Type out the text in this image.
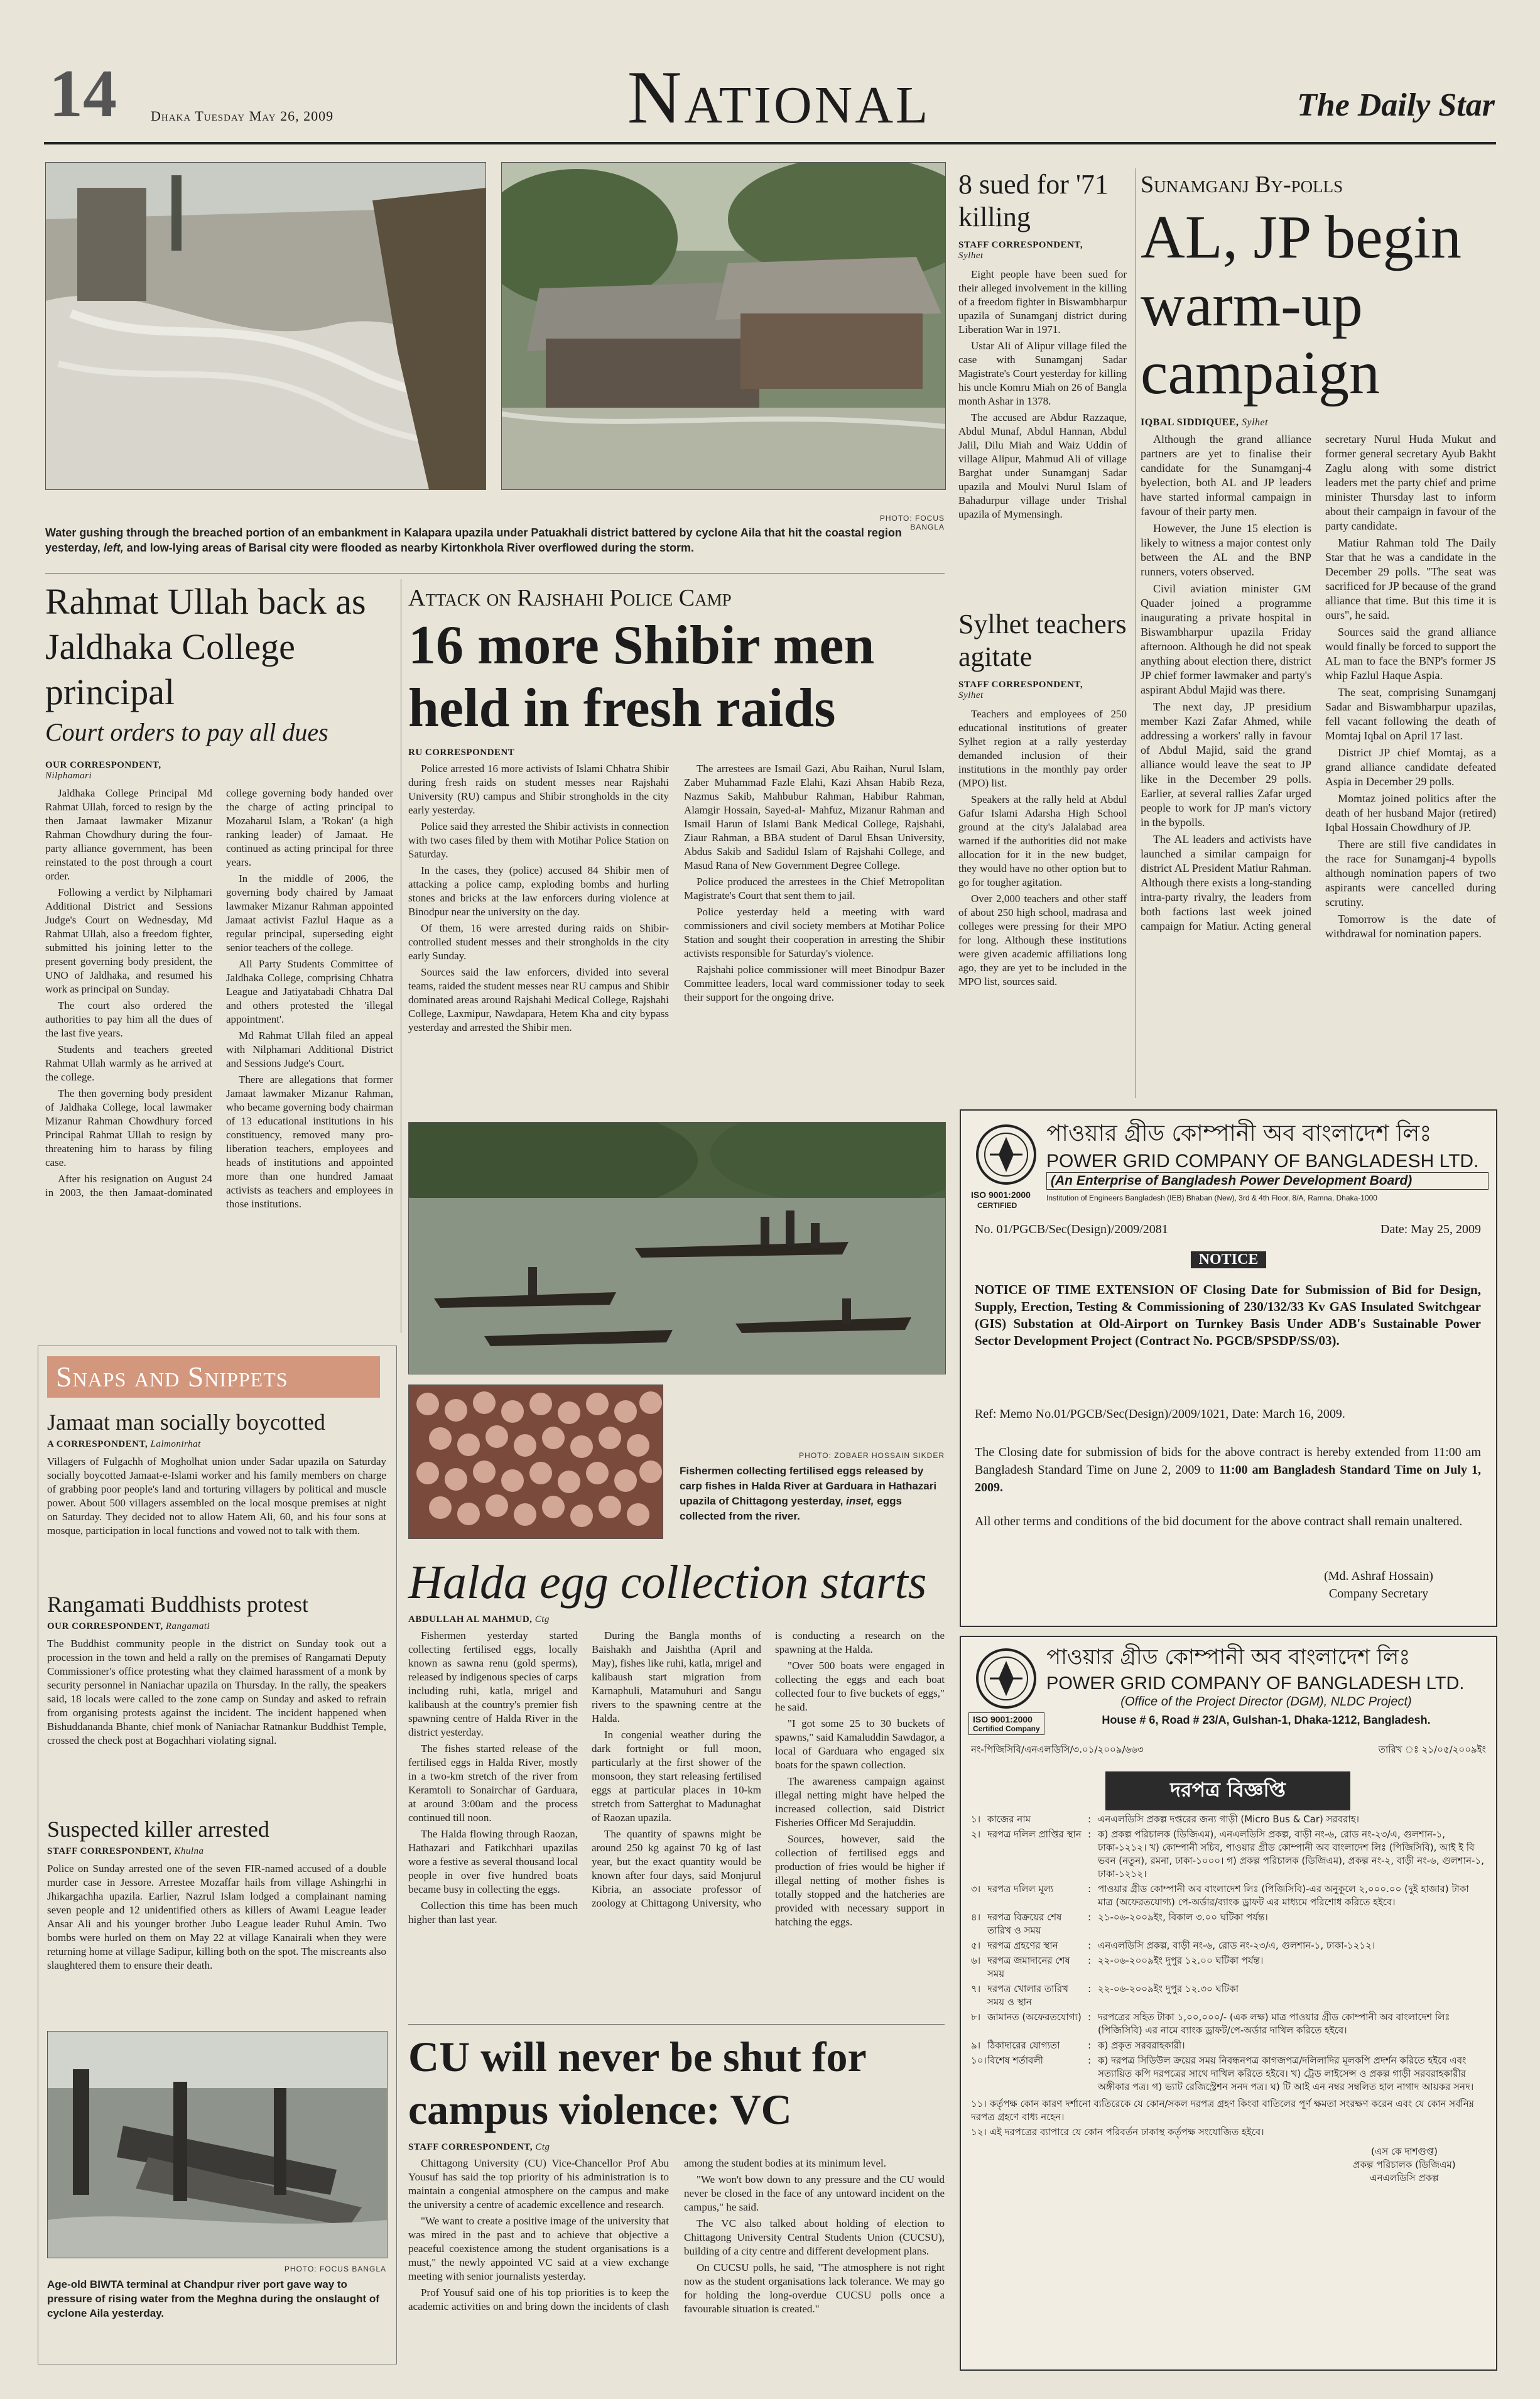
14 Dhaka Tuesday May 26, 2009	National	The Daily Star
PHOTO: FOCUS BANGLA
Water gushing through the breached portion of an embankment in Kalapara upazila under Patuakhali district battered by cyclone Aila that hit the coastal region yesterday, left, and low-lying areas of Barisal city were flooded as nearby Kirtonkhola River overflowed during the storm.
8 sued for '71 killing
STAFF CORRESPONDENT,
Sylhet

Eight people have been sued for their alleged involvement in the killing of a freedom fighter in Biswambharpur upazila of Sunamganj district during Liberation War in 1971.

Ustar Ali of Alipur village filed the case with Sunamganj Sadar Magistrate's Court yesterday for killing his uncle Komru Miah on 26 of Bangla month Ashar in 1378.

The accused are Abdur Razzaque, Abdul Munaf, Abdul Hannan, Abdul Jalil, Dilu Miah and Waiz Uddin of village Alipur, Mahmud Ali of village Barghat under Sunamganj Sadar upazila and Moulvi Nurul Islam of Bahadurpur village under Trishal upazila of Mymensingh.

Sylhet teachers agitate
STAFF CORRESPONDENT,
Sylhet

Teachers and employees of 250 educational institutions of greater Sylhet region at a rally yesterday demanded inclusion of their institutions in the monthly pay order (MPO) list.

Speakers at the rally held at Abdul Gafur Islami Adarsha High School ground at the city's Jalalabad area warned if the authorities did not make allocation for it in the new budget, they would have no other option but to go for tougher agitation.

Over 2,000 teachers and other staff of about 250 high school, madrasa and colleges were pressing for their MPO for long. Although these institutions were given academic affiliations long ago, they are yet to be included in the MPO list, sources said.

Sunamganj By-polls
AL, JP begin warm-up campaign
IQBAL SIDDIQUEE, Sylhet

Although the grand alliance partners are yet to finalise their candidate for the Sunamganj-4 byelection, both AL and JP leaders have started informal campaign in favour of their party men.

However, the June 15 election is likely to witness a major contest only between the AL and the BNP runners, voters observed.

Civil aviation minister GM Quader joined a programme inaugurating a private hospital in Biswambharpur upazila Friday afternoon. Although he did not speak anything about election there, district JP chief former lawmaker and party's aspirant Abdul Majid was there.

The next day, JP presidium member Kazi Zafar Ahmed, while addressing a workers' rally in favour of Abdul Majid, said the grand alliance would leave the seat to JP like in the December 29 polls. Earlier, at several rallies Zafar urged people to work for JP man's victory in the bypolls.

The AL leaders and activists have launched a similar campaign for district AL President Matiur Rahman. Although there exists a long-standing intra-party rivalry, the leaders from both factions last week joined campaign for Matiur. Acting general secretary Nurul Huda Mukut and former general secretary Ayub Bakht Zaglu along with some district leaders met the party chief and prime minister Thursday last to inform about their campaign in favour of the party candidate.

Matiur Rahman told The Daily Star that he was a candidate in the December 29 polls. "The seat was sacrificed for JP because of the grand alliance that time. But this time it is ours", he said.

Sources said the grand alliance would finally be forced to support the AL man to face the BNP's former JS whip Fazlul Haque Aspia.

The seat, comprising Sunamganj Sadar and Biswambharpur upazilas, fell vacant following the death of Momtaj Iqbal on April 17 last.

District JP chief Momtaj, as a grand alliance candidate defeated Aspia in December 29 polls.

Momtaz joined politics after the death of her husband Major (retired) Iqbal Hossain Chowdhury of JP.

There are still five candidates in the race for Sunamganj-4 bypolls although nomination papers of two aspirants were cancelled during scrutiny.

Tomorrow is the date of withdrawal for nomination papers.

Rahmat Ullah back as Jaldhaka College principal
Court orders to pay all dues
OUR CORRESPONDENT,
Nilphamari

Jaldhaka College Principal Md Rahmat Ullah, forced to resign by the then Jamaat lawmaker Mizanur Rahman Chowdhury during the four-party alliance government, has been reinstated to the post through a court order.

Following a verdict by Nilphamari Additional District and Sessions Judge's Court on Wednesday, Md Rahmat Ullah, also a freedom fighter, submitted his joining letter to the present governing body president, the UNO of Jaldhaka, and resumed his work as principal on Sunday.

The court also ordered the authorities to pay him all the dues of the last five years.

Students and teachers greeted Rahmat Ullah warmly as he arrived at the college.

The then governing body president of Jaldhaka College, local lawmaker Mizanur Rahman Chowdhury forced Principal Rahmat Ullah to resign by threatening him to harass by filing case.

After his resignation on August 24 in 2003, the then Jamaat-dominated college governing body handed over the charge of acting principal to Mozaharul Islam, a 'Rokan' (a high ranking leader) of Jamaat. He continued as acting principal for three years.

In the middle of 2006, the governing body chaired by Jamaat lawmaker Mizanur Rahman appointed Jamaat activist Fazlul Haque as a regular principal, superseding eight senior teachers of the college.

All Party Students Committee of Jaldhaka College, comprising Chhatra League and Jatiyatabadi Chhatra Dal and others protested the 'illegal appointment'.

Md Rahmat Ullah filed an appeal with Nilphamari Additional District and Sessions Judge's Court.

There are allegations that former Jamaat lawmaker Mizanur Rahman, who became governing body chairman of 13 educational institutions in his constituency, removed many pro-liberation teachers, employees and heads of institutions and appointed more than one hundred Jamaat activists as teachers and employees in those institutions.

Attack on Rajshahi Police Camp
16 more Shibir men held in fresh raids
RU CORRESPONDENT

Police arrested 16 more activists of Islami Chhatra Shibir during fresh raids on student messes near Rajshahi University (RU) campus and Shibir strongholds in the city early yesterday.

Police said they arrested the Shibir activists in connection with two cases filed by them with Motihar Police Station on Saturday.

In the cases, they (police) accused 84 Shibir men of attacking a police camp, exploding bombs and hurling stones and bricks at the law enforcers during violence at Binodpur near the university on the day.

Of them, 16 were arrested during raids on Shibir-controlled student messes and their strongholds in the city early Sunday.

Sources said the law enforcers, divided into several teams, raided the student messes near RU campus and Shibir dominated areas around Rajshahi Medical College, Rajshahi College, Laxmipur, Nawdapara, Hetem Kha and city bypass yesterday and arrested the Shibir men.

The arrestees are Ismail Gazi, Abu Raihan, Nurul Islam, Zaber Muhammad Fazle Elahi, Kazi Ahsan Habib Reza, Nazmus Sakib, Mahbubur Rahman, Habibur Rahman, Alamgir Hossain, Sayed-al- Mahfuz, Mizanur Rahman and Ismail Harun of Islami Bank Medical College, Rajshahi, Ziaur Rahman, a BBA student of Darul Ehsan University, Abdus Sakib and Sadidul Islam of Rajshahi College, and Masud Rana of New Government Degree College.

Police produced the arrestees in the Chief Metropolitan Magistrate's Court that sent them to jail.

Police yesterday held a meeting with ward commissioners and civil society members at Motihar Police Station and sought their cooperation in arresting the Shibir activists responsible for Saturday's violence.

Rajshahi police commissioner will meet Binodpur Bazer Committee leaders, local ward commissioner today to seek their support for the ongoing drive.

PHOTO: ZOBAER HOSSAIN SIKDER
Fishermen collecting fertilised eggs released by carp fishes in Halda River at Garduara in Hathazari upazila of Chittagong yesterday, inset, eggs collected from the river.
Halda egg collection starts
ABDULLAH AL MAHMUD, Ctg

Fishermen yesterday started collecting fertilised eggs, locally known as sawna renu (gold sperms), released by indigenous species of carps including ruhi, katla, mrigel and kalibaush at the country's premier fish spawning centre of Halda River in the district yesterday.

The fishes started release of the fertilised eggs in Halda River, mostly in a two-km stretch of the river from Keramtoli to Sonairchar of Garduara, at around 3:00am and the process continued till noon.

The Halda flowing through Raozan, Hathazari and Fatikchhari upazilas wore a festive as several thousand local people in over five hundred boats became busy in collecting the eggs.

Collection this time has been much higher than last year.

During the Bangla months of Baishakh and Jaishtha (April and May), fishes like ruhi, katla, mrigel and kalibaush start migration from Karnaphuli, Matamuhuri and Sangu rivers to the spawning centre at the Halda.

In congenial weather during the dark fortnight or full moon, particularly at the first shower of the monsoon, they start releasing fertilised eggs at particular places in 10-km stretch from Satterghat to Madunaghat of Raozan upazila.

The quantity of spawns might be around 250 kg against 70 kg of last year, but the exact quantity would be known after four days, said Monjurul Kibria, an associate professor of zoology at Chittagong University, who is conducting a research on the spawning at the Halda.

"Over 500 boats were engaged in collecting the eggs and each boat collected four to five buckets of eggs," he said.

"I got some 25 to 30 buckets of spawns," said Kamaluddin Sawdagor, a local of Garduara who engaged six boats for the spawn collection.

The awareness campaign against illegal netting might have helped the increased collection, said District Fisheries Officer Md Serajuddin.

Sources, however, said the collection of fertilised eggs and production of fries would be higher if illegal netting of mother fishes is totally stopped and the hatcheries are provided with necessary support in hatching the eggs.

Snaps and Snippets
Jamaat man socially boycotted
A CORRESPONDENT, Lalmonirhat
Villagers of Fulgachh of Mogholhat union under Sadar upazila on Saturday socially boycotted Jamaat-e-Islami worker and his family members on charge of grabbing poor people's land and torturing villagers by political and muscle power. About 500 villagers assembled on the local mosque premises at night on Saturday. They decided not to allow Hatem Ali, 60, and his four sons at mosque, participation in local functions and vowed not to talk with them.
Rangamati Buddhists protest
OUR CORRESPONDENT, Rangamati
The Buddhist community people in the district on Sunday took out a procession in the town and held a rally on the premises of Rangamati Deputy Commissioner's office protesting what they claimed harassment of a monk by security personnel in Naniachar upazila on Thursday. In the rally, the speakers said, 18 locals were called to the zone camp on Sunday and asked to refrain from organising protests against the incident. The incident happened when Bishuddananda Bhante, chief monk of Naniachar Ratnankur Buddhist Temple, crossed the check post at Bogachhari violating signal.
Suspected killer arrested
STAFF CORRESPONDENT, Khulna
Police on Sunday arrested one of the seven FIR-named accused of a double murder case in Jessore. Arrestee Mozaffar hails from village Ashingrhi in Jhikargachha upazila. Earlier, Nazrul Islam lodged a complainant naming seven people and 12 unidentified others as killers of Awami League leader Ansar Ali and his younger brother Jubo League leader Ruhul Amin. Two bombs were hurled on them on May 22 at village Kanairali when they were returning home at village Sadipur, killing both on the spot. The miscreants also slaughtered them to ensure their death.
PHOTO: FOCUS BANGLA
Age-old BIWTA terminal at Chandpur river port gave way to pressure of rising water from the Meghna during the onslaught of cyclone Aila yesterday.
CU will never be shut for campus violence: VC
STAFF CORRESPONDENT, Ctg

Chittagong University (CU) Vice-Chancellor Prof Abu Yousuf has said the top priority of his administration is to maintain a congenial atmosphere on the campus and make the university a centre of academic excellence and research.

"We want to create a positive image of the university that was mired in the past and to achieve that objective a peaceful coexistence among the student organisations is a must," the newly appointed VC said at a view exchange meeting with senior journalists yesterday.

Prof Yousuf said one of his top priorities is to keep the academic activities on and bring down the incidents of clash among the student bodies at its minimum level.

"We won't bow down to any pressure and the CU would never be closed in the face of any untoward incident on the campus," he said.

The VC also talked about holding of election to Chittagong University Central Students Union (CUCSU), building of a city centre and different development plans.

On CUCSU polls, he said, "The atmosphere is not right now as the student organisations lack tolerance. We may go for holding the long-overdue CUCSU polls once a favourable situation is created."

পাওয়ার গ্রীড কোম্পানী অব বাংলাদেশ লিঃ
POWER GRID COMPANY OF BANGLADESH LTD.
(An Enterprise of Bangladesh Power Development Board)
ISO 9001:2000
CERTIFIED
Institution of Engineers Bangladesh (IEB) Bhaban (New), 3rd & 4th Floor, 8/A, Ramna, Dhaka-1000
No. 01/PGCB/Sec(Design)/2009/2081	Date: May 25, 2009
NOTICE
NOTICE OF TIME EXTENSION OF Closing Date for Submission of Bid for Design, Supply, Erection, Testing & Commissioning of 230/132/33 Kv GAS Insulated Switchgear (GIS) Substation at Old-Airport on Turnkey Basis Under ADB's Sustainable Power Sector Development Project (Contract No. PGCB/SPSDP/SS/03).
Ref: Memo No.01/PGCB/Sec(Design)/2009/1021, Date: March 16, 2009.
The Closing date for submission of bids for the above contract is hereby extended from 11:00 am Bangladesh Standard Time on June 2, 2009 to 11:00 am Bangladesh Standard Time on July 1, 2009.
All other terms and conditions of the bid document for the above contract shall remain unaltered.
(Md. Ashraf Hossain)
Company Secretary
পাওয়ার গ্রীড কোম্পানী অব বাংলাদেশ লিঃ
POWER GRID COMPANY OF BANGLADESH LTD.
(Office of the Project Director (DGM), NLDC Project)
ISO 9001:2000
Certified Company
House # 6, Road # 23/A, Gulshan-1, Dhaka-1212, Bangladesh.
নং-পিজিসিবি/এনএলডিসি/৩.০১/২০০৯/৬৬৩	তারিখ ঃ ২১/০৫/২০০৯ইং
দরপত্র বিজ্ঞপ্তি
১। কাজের নাম	: এনএলডিসি প্রকল্প দপ্তরের জন্য গাড়ী (Micro Bus & Car) সরবরাহ।
২। দরপত্র দলিল প্রাপ্তির স্থান : ক) প্রকল্প পরিচালক (ডিজিএম), এনএলডিসি প্রকল্প, বাড়ী নং-৬, রোড নং-২৩/এ, গুলশান-১, ঢাকা-১২১২। খ) কোম্পানী সচিব, পাওয়ার গ্রীড কোম্পানী অব বাংলাদেশ লিঃ (পিজিসিবি), আই ই বি ভবন (নতুন), রমনা, ঢাকা-১০০০। গ) প্রকল্প পরিচালক (ডিজিএম), প্রকল্প নং-২, বাড়ী নং-৬, গুলশান-১, ঢাকা-১২১২।
৩। দরপত্র দলিল মূল্য	: পাওয়ার গ্রীড কোম্পানী অব বাংলাদেশ লিঃ (পিজিসিবি)-এর অনুকূলে ২,০০০.০০ (দুই হাজার) টাকা মাত্র (অফেরতযোগ্য) পে-অর্ডার/ব্যাংক ড্রাফট এর মাধ্যমে পরিশোধ করিতে হইবে।
৪। দরপত্র বিক্রয়ের শেষ তারিখ ও সময়
: ২১-০৬-২০০৯ইং, বিকাল ৩.০০ ঘটিকা পর্যন্ত।
৫। দরপত্র গ্রহণের স্থান	: এনএলডিসি প্রকল্প, বাড়ী নং-৬, রোড নং-২৩/এ, গুলশান-১, ঢাকা-১২১২।
৬। দরপত্র জমাদানের শেষ সময়
: ২২-০৬-২০০৯ইং দুপুর ১২.০০ ঘটিকা পর্যন্ত।
৭। দরপত্র খোলার তারিখ সময় ও স্থান
: ২২-০৬-২০০৯ইং দুপুর ১২.৩০ ঘটিকা
৮। জামানত (অফেরতযোগ্য) : দরপত্রের সহিত টাকা ১,০০,০০০/- (এক লক্ষ) মাত্র পাওয়ার গ্রীড কোম্পানী অব বাংলাদেশ লিঃ (পিজিসিবি) এর নামে ব্যাংক ড্রাফট/পে-অর্ডার দাখিল করিতে হইবে।
৯। ঠিকাদারের যোগ্যতা	: ক) প্রকৃত সরবরাহকারী।
১০। বিশেষ শর্তাবলী	: ক) দরপত্র সিডিউল ক্রয়ের সময় নিবন্ধনপত্র কাগজপত্র/দলিলাদির মূলকপি প্রদর্শন করিতে হইবে এবং সত্যায়িত কপি দরপত্রের সাথে দাখিল করিতে হইবে। খ) ট্রেড লাইসেন্স ও প্রকল্প গাড়ী সরবরাহকারীর অঙ্গীকার পত্র। গ) ভ্যাট রেজিস্ট্রেশন সনদ পত্র। ঘ) টি আই এন নম্বর সম্বলিত হাল নাগাদ আয়কর সনদ।
১১। কর্তৃপক্ষ কোন কারণ দর্শানো ব্যতিরেকে যে কোন/সকল দরপত্র গ্রহণ কিংবা বাতিলের পূর্ণ ক্ষমতা সংরক্ষণ করেন এবং যে কোন সর্বনিম্ন দরপত্র গ্রহণে বাধ্য নহেন।
১২। এই দরপত্রের ব্যাপারে যে কোন পরিবর্তন ঢাকাস্থ কর্তৃপক্ষ সংযোজিত হইবে।
(এস কে দাশগুপ্ত)
প্রকল্প পরিচালক (ডিজিএম)
এনএলডিসি প্রকল্প
